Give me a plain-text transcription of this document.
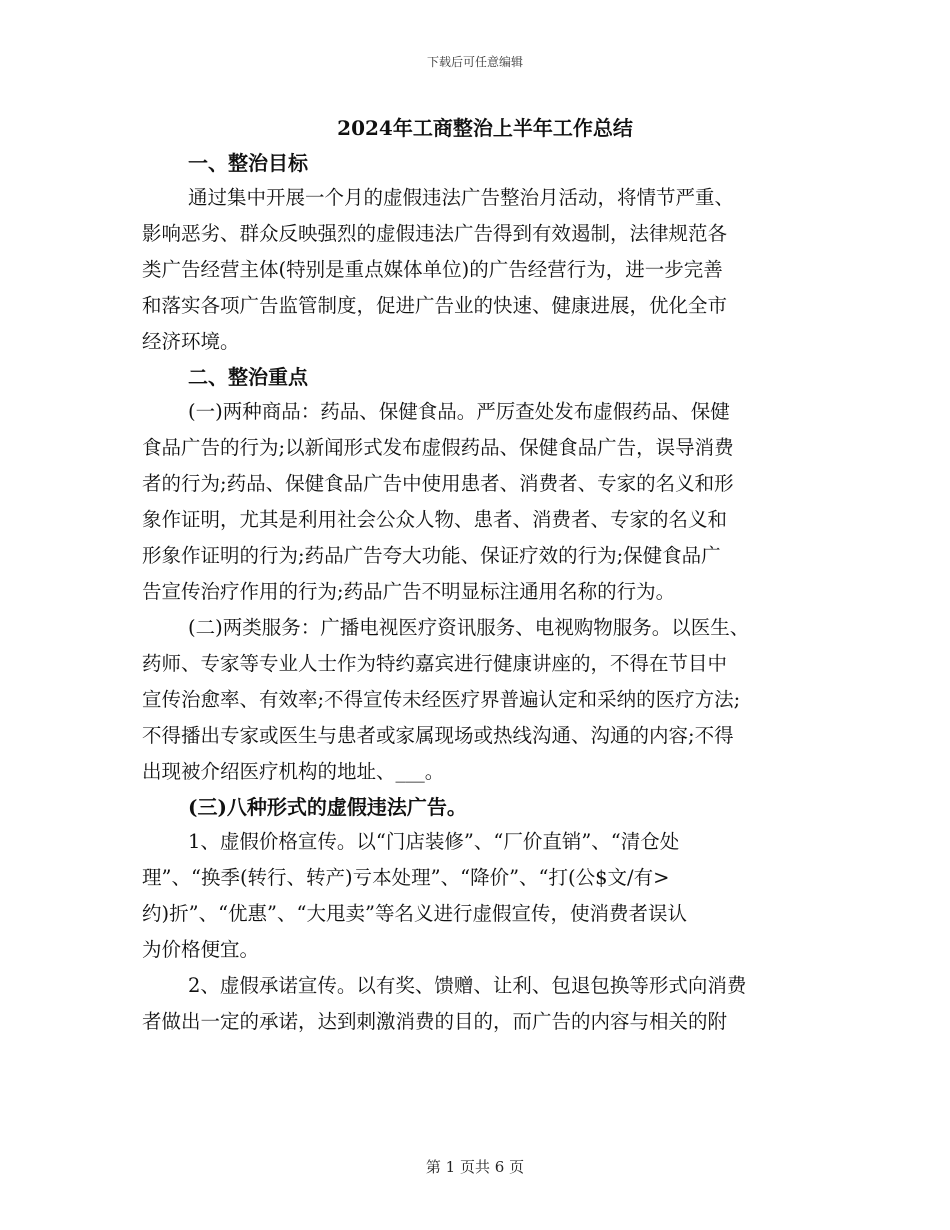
下载后可任意编辑
2024年工商整治上半年工作总结
一、整治目标
通过集中开展一个月的虚假违法广告整治月活动，将情节严重、
影响恶劣、群众反映强烈的虚假违法广告得到有效遏制，法律规范各
类广告经营主体(特别是重点媒体单位)的广告经营行为，进一步完善
和落实各项广告监管制度，促进广告业的快速、健康进展，优化全市
经济环境。
二、整治重点
(一)两种商品：药品、保健食品。严厉查处发布虚假药品、保健
食品广告的行为;以新闻形式发布虚假药品、保健食品广告，误导消费
者的行为;药品、保健食品广告中使用患者、消费者、专家的名义和形
象作证明，尤其是利用社会公众人物、患者、消费者、专家的名义和
形象作证明的行为;药品广告夸大功能、保证疗效的行为;保健食品广
告宣传治疗作用的行为;药品广告不明显标注通用名称的行为。
(二)两类服务：广播电视医疗资讯服务、电视购物服务。以医生、
药师、专家等专业人士作为特约嘉宾进行健康讲座的，不得在节目中
宣传治愈率、有效率;不得宣传未经医疗界普遍认定和采纳的医疗方法;
不得播出专家或医生与患者或家属现场或热线沟通、沟通的内容;不得
出现被介绍医疗机构的地址、___。
(三)八种形式的虚假违法广告。
1、虚假价格宣传。以“门店装修”、“厂价直销”、“清仓处
理”、“换季(转行、转产)亏本处理”、“降价”、“打(公$文/有>
约)折”、“优惠”、“大甩卖”等名义进行虚假宣传，使消费者误认
为价格便宜。
2、虚假承诺宣传。以有奖、馈赠、让利、包退包换等形式向消费
者做出一定的承诺，达到刺激消费的目的，而广告的内容与相关的附
第 1 页共 6 页
